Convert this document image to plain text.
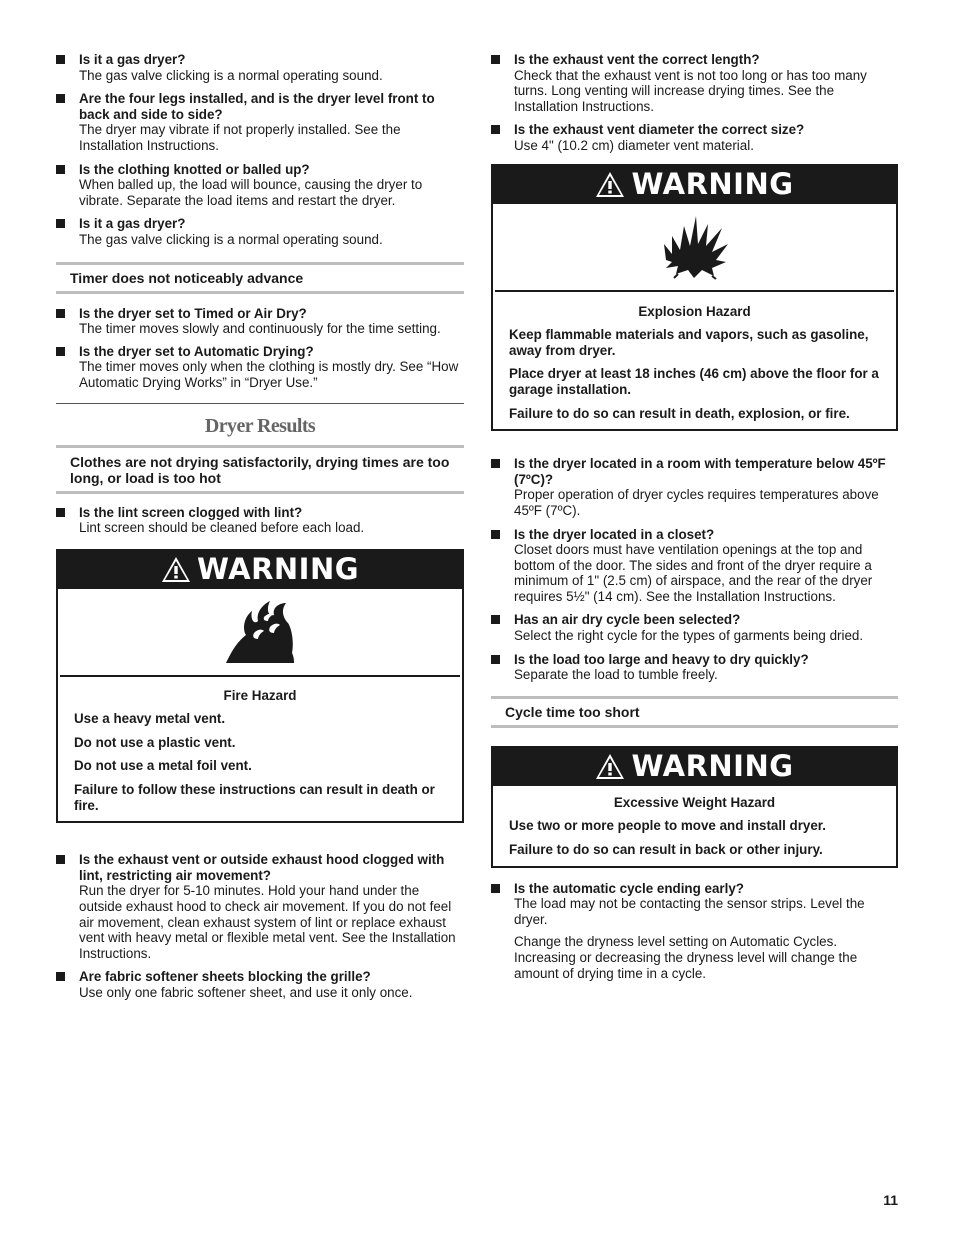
Is it a gas dryer?
The gas valve clicking is a normal operating sound.
Are the four legs installed, and is the dryer level front to back and side to side?
The dryer may vibrate if not properly installed. See the Installation Instructions.
Is the clothing knotted or balled up?
When balled up, the load will bounce, causing the dryer to vibrate. Separate the load items and restart the dryer.
Is it a gas dryer?
The gas valve clicking is a normal operating sound.
Timer does not noticeably advance
Is the dryer set to Timed or Air Dry?
The timer moves slowly and continuously for the time setting.
Is the dryer set to Automatic Drying?
The timer moves only when the clothing is mostly dry. See “How Automatic Drying Works” in “Dryer Use.”
Dryer Results
Clothes are not drying satisfactorily, drying times are too long, or load is too hot
Is the lint screen clogged with lint?
Lint screen should be cleaned before each load.
WARNING
Fire Hazard

Use a heavy metal vent.

Do not use a plastic vent.

Do not use a metal foil vent.

Failure to follow these instructions can result in death or fire.

Is the exhaust vent or outside exhaust hood clogged with lint, restricting air movement?
Run the dryer for 5-10 minutes. Hold your hand under the outside exhaust hood to check air movement. If you do not feel air movement, clean exhaust system of lint or replace exhaust vent with heavy metal or flexible metal vent. See the Installation Instructions.
Are fabric softener sheets blocking the grille?
Use only one fabric softener sheet, and use it only once.
Is the exhaust vent the correct length?
Check that the exhaust vent is not too long or has too many turns. Long venting will increase drying times. See the Installation Instructions.
Is the exhaust vent diameter the correct size?
Use 4" (10.2 cm) diameter vent material.
WARNING
Explosion Hazard

Keep flammable materials and vapors, such as gasoline, away from dryer.

Place dryer at least 18 inches (46 cm) above the floor for a garage installation.

Failure to do so can result in death, explosion, or fire.

Is the dryer located in a room with temperature below 45ºF (7ºC)?
Proper operation of dryer cycles requires temperatures above 45ºF (7ºC).
Is the dryer located in a closet?
Closet doors must have ventilation openings at the top and bottom of the door. The sides and front of the dryer require a minimum of 1" (2.5 cm) of airspace, and the rear of the dryer requires 5½" (14 cm). See the Installation Instructions.
Has an air dry cycle been selected?
Select the right cycle for the types of garments being dried.
Is the load too large and heavy to dry quickly?
Separate the load to tumble freely.
Cycle time too short
WARNING
Excessive Weight Hazard

Use two or more people to move and install dryer.

Failure to do so can result in back or other injury.

Is the automatic cycle ending early?
The load may not be contacting the sensor strips. Level the dryer.
Change the dryness level setting on Automatic Cycles. Increasing or decreasing the dryness level will change the amount of drying time in a cycle.
11
